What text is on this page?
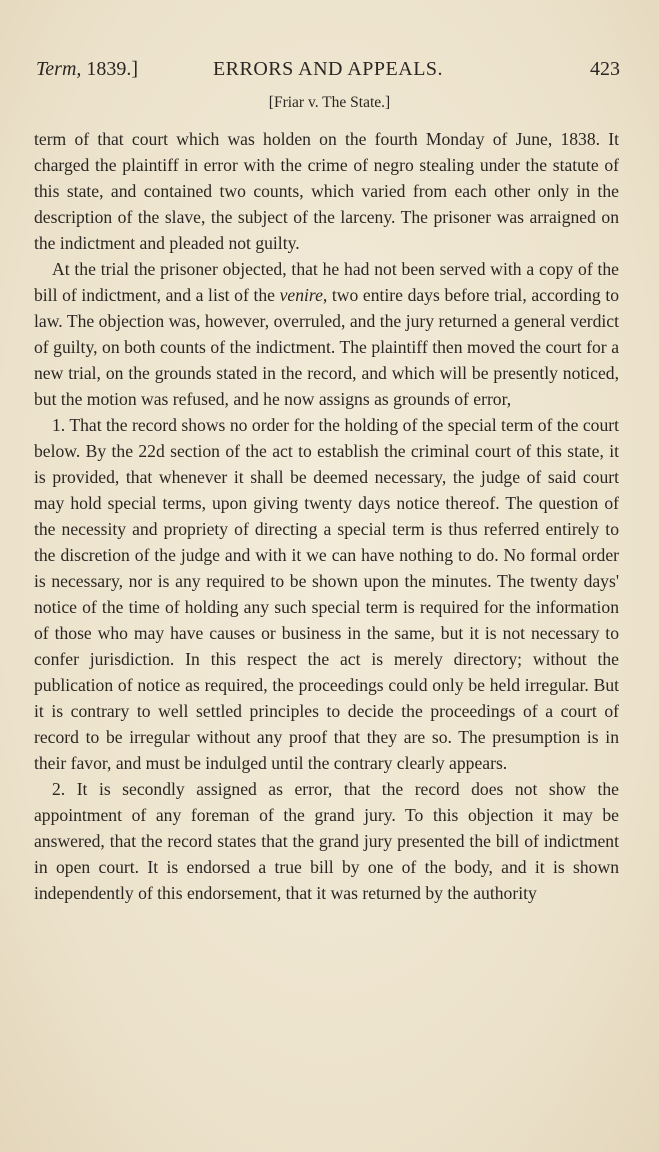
Term, 1839.]	ERRORS AND APPEALS.	423
[Friar v. The State.]

term of that court which was holden on the fourth Monday of June, 1838. It charged the plaintiff in error with the crime of negro stealing under the statute of this state, and contained two counts, which varied from each other only in the description of the slave, the subject of the larceny. The prisoner was arraigned on the indictment and pleaded not guilty.

At the trial the prisoner objected, that he had not been served with a copy of the bill of indictment, and a list of the venire, two entire days before trial, according to law. The objection was, however, overruled, and the jury returned a general verdict of guilty, on both counts of the indictment. The plaintiff then moved the court for a new trial, on the grounds stated in the record, and which will be presently noticed, but the motion was refused, and he now assigns as grounds of error,

1. That the record shows no order for the holding of the special term of the court below. By the 22d section of the act to establish the criminal court of this state, it is provided, that whenever it shall be deemed necessary, the judge of said court may hold special terms, upon giving twenty days notice thereof. The question of the necessity and propriety of directing a special term is thus referred entirely to the discretion of the judge and with it we can have nothing to do. No formal order is necessary, nor is any required to be shown upon the minutes. The twenty days' notice of the time of holding any such special term is required for the information of those who may have causes or business in the same, but it is not necessary to confer jurisdiction. In this respect the act is merely directory; without the publication of notice as required, the proceedings could only be held irregular. But it is contrary to well settled principles to decide the proceedings of a court of record to be irregular without any proof that they are so. The presumption is in their favor, and must be indulged until the contrary clearly appears.

2. It is secondly assigned as error, that the record does not show the appointment of any foreman of the grand jury. To this objection it may be answered, that the record states that the grand jury presented the bill of indictment in open court. It is endorsed a true bill by one of the body, and it is shown independently of this endorsement, that it was returned by the authority
